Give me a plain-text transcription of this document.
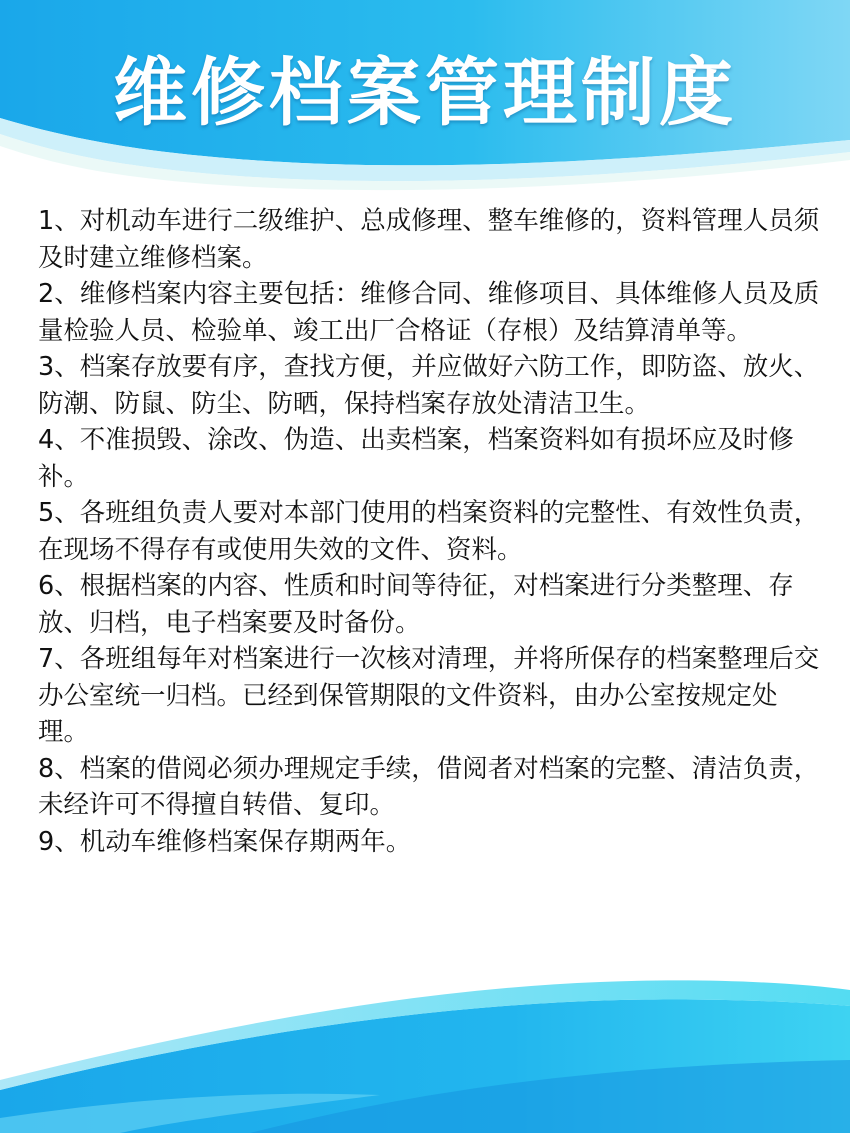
维修档案管理制度
1、对机动车进行二级维护、总成修理、整车维修的，资料管理人员须及时建立维修档案。
2、维修档案内容主要包括：维修合同、维修项目、具体维修人员及质量检验人员、检验单、竣工出厂合格证（存根）及结算清单等。
3、档案存放要有序，查找方便，并应做好六防工作，即防盗、放火、防潮、防鼠、防尘、防晒，保持档案存放处清洁卫生。
4、不准损毁、涂改、伪造、出卖档案，档案资料如有损坏应及时修补。
5、各班组负责人要对本部门使用的档案资料的完整性、有效性负责，在现场不得存有或使用失效的文件、资料。
6、根据档案的内容、性质和时间等待征，对档案进行分类整理、存放、归档，电子档案要及时备份。
7、各班组每年对档案进行一次核对清理，并将所保存的档案整理后交办公室统一归档。已经到保管期限的文件资料，由办公室按规定处理。
8、档案的借阅必须办理规定手续，借阅者对档案的完整、清洁负责，未经许可不得擅自转借、复印。
9、机动车维修档案保存期两年。
